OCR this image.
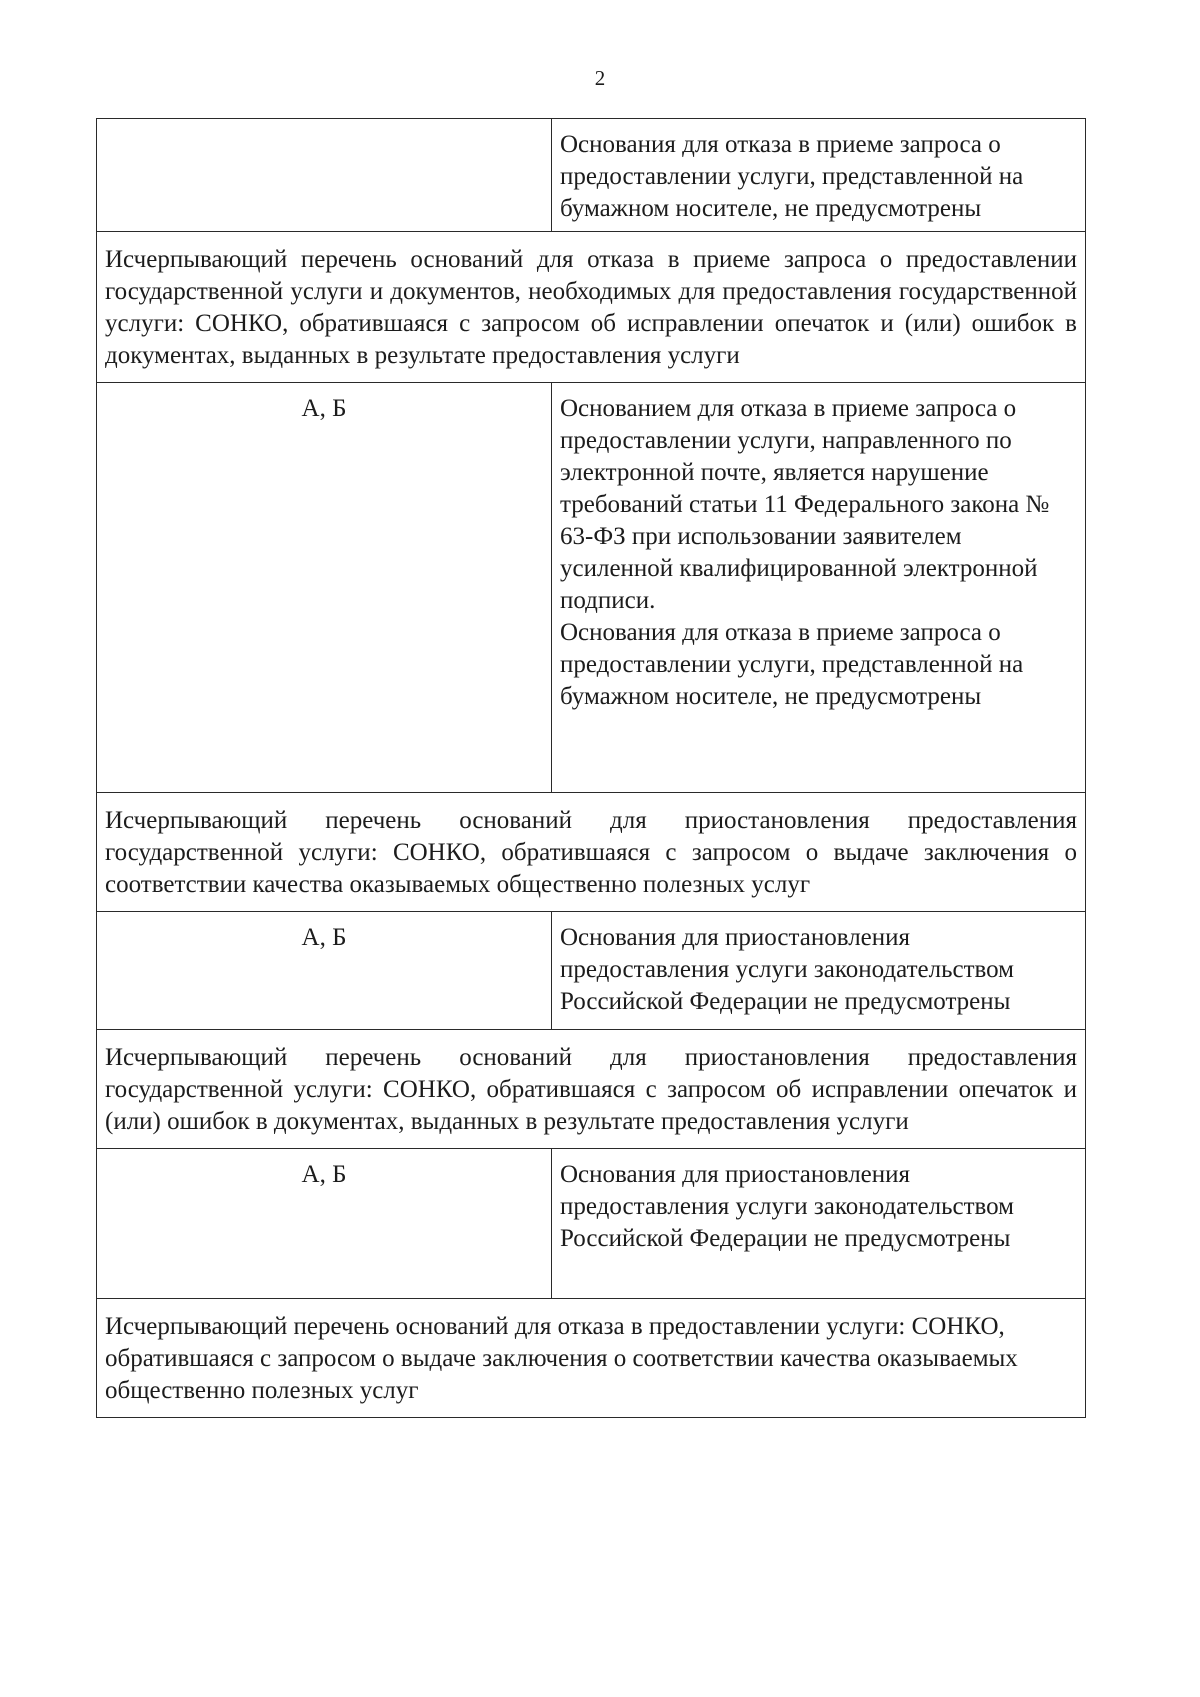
2
	Основания для отказа в приеме запроса о предоставлении услуги, представленной на бумажном носителе, не предусмотрены
Исчерпывающий перечень оснований для отказа в приеме запроса о предоставлении государственной услуги и документов, необходимых для предоставления государственной услуги: СОНКО, обратившаяся с запросом об исправлении опечаток и (или) ошибок в документах, выданных в результате предоставления услуги	
А, Б	Основанием для отказа в приеме запроса о предоставлении услуги, направленного по электронной почте, является нарушение требований статьи 11 Федерального закона № 63-ФЗ при использовании заявителем усиленной квалифицированной электронной подписи.
Основания для отказа в приеме запроса о предоставлении услуги, представленной на бумажном носителе, не предусмотрены

Исчерпывающий перечень оснований для приостановления предоставления государственной услуги: СОНКО, обратившаяся с запросом о выдаче заключения о соответствии качества оказываемых общественно полезных услуг	
А, Б	Основания для приостановления предоставления услуги законодательством Российской Федерации не предусмотрены
Исчерпывающий перечень оснований для приостановления предоставления государственной услуги: СОНКО, обратившаяся с запросом об исправлении опечаток и (или) ошибок в документах, выданных в результате предоставления услуги	
А, Б	Основания для приостановления предоставления услуги законодательством Российской Федерации не предусмотрены
Исчерпывающий перечень оснований для отказа в предоставлении услуги: СОНКО, обратившаяся с запросом о выдаче заключения о соответствии качества оказываемых общественно полезных услуг	
